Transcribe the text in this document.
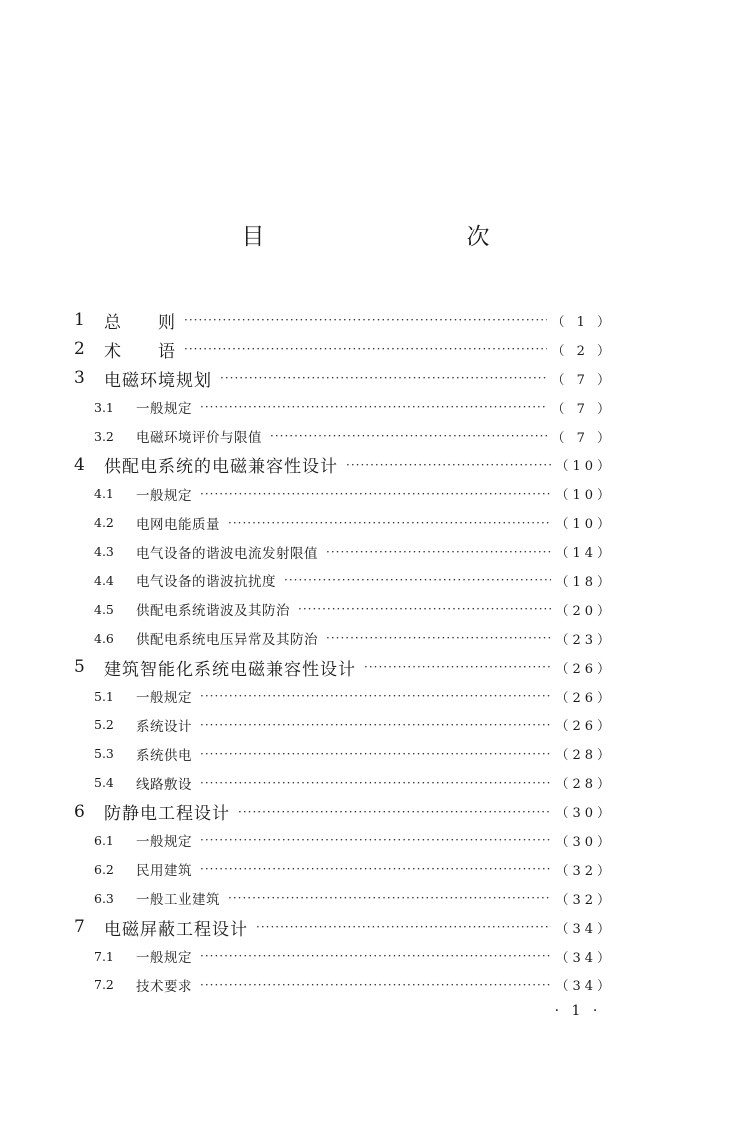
目　　次
1	总　　则 ·····	（ 1 ）
2	术　　语 ·····	（ 2 ）
3	电磁环境规划 ·····	（ 7 ）
3.1	一般规定 ·····	（ 7 ）
3.2	电磁环境评价与限值 ·····	（ 7 ）
4	供配电系统的电磁兼容性设计 ·····	（10）
4.1	一般规定 ·····	（10）
4.2	电网电能质量 ·····	（10）
4.3	电气设备的谐波电流发射限值 ·····	（14）
4.4	电气设备的谐波抗扰度 ·····	（18）
4.5	供配电系统谐波及其防治 ·····	（20）
4.6	供配电系统电压异常及其防治 ·····	（23）
5	建筑智能化系统电磁兼容性设计 ·····	（26）
5.1	一般规定 ·····	（26）
5.2	系统设计 ·····	（26）
5.3	系统供电 ·····	（28）
5.4	线路敷设 ·····	（28）
6	防静电工程设计 ·····	（30）
6.1	一般规定 ·····	（30）
6.2	民用建筑 ·····	（32）
6.3	一般工业建筑 ·····	（32）
7	电磁屏蔽工程设计 ·····	（34）
7.1	一般规定 ·····	（34）
7.2	技术要求 ·····	（34）
· 1 ·
